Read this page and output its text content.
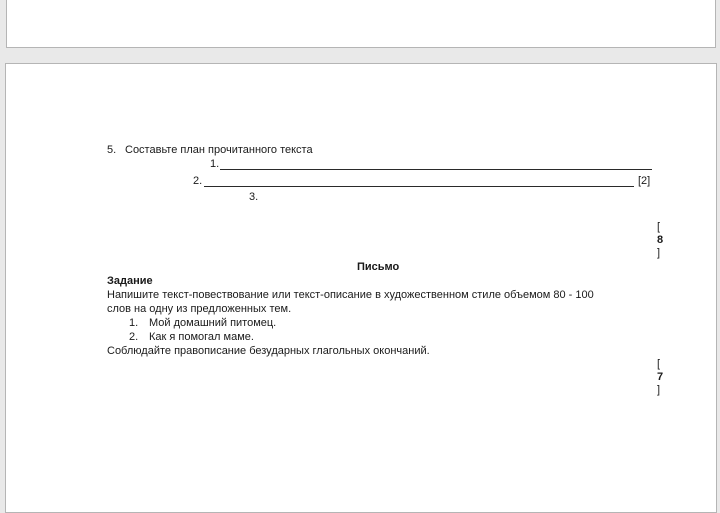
5. Составьте план прочитанного текста
1.
2.	[2]
3.
[
8
]
Письмо
Задание
Напишите текст-повествование или текст-описание в художественном стиле объемом 80 - 100
слов на одну из предложенных тем.
1. Мой домашний питомец.
2. Как я помогал маме.
Соблюдайте правописание безударных глагольных окончаний.
[
7
]
